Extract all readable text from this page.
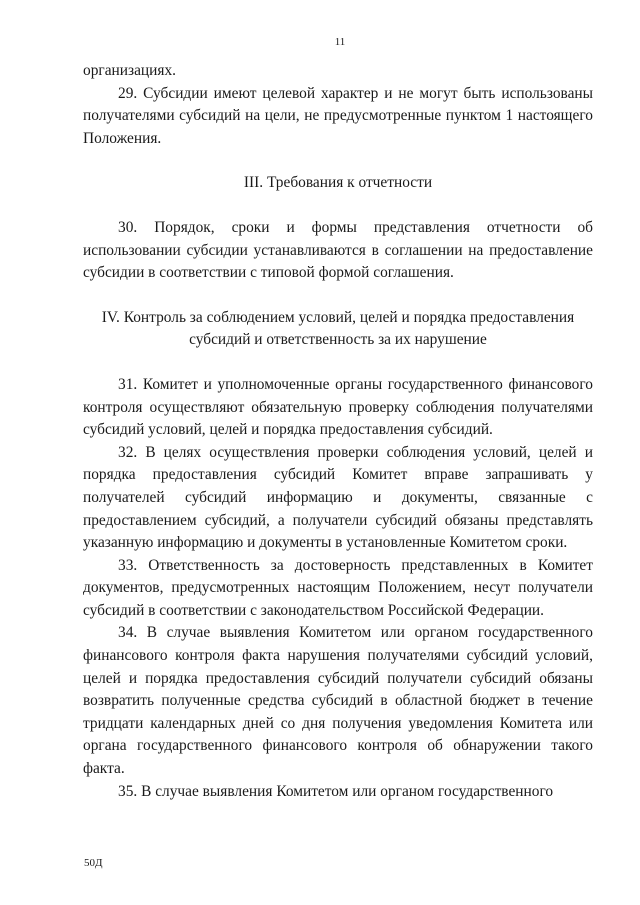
11

организациях.

29. Субсидии имеют целевой характер и не могут быть использованы получателями субсидий на цели, не предусмотренные пунктом 1 настоящего Положения.

III. Требования к отчетности

30. Порядок, сроки и формы представления отчетности об использовании субсидии устанавливаются в соглашении на предоставление субсидии в соответствии с типовой формой соглашения.

IV. Контроль за соблюдением условий, целей и порядка предоставления

субсидий и ответственность за их нарушение

31. Комитет и уполномоченные органы государственного финансового контроля осуществляют обязательную проверку соблюдения получателями субсидий условий, целей и порядка предоставления субсидий.

32. В целях осуществления проверки соблюдения условий, целей и порядка предоставления субсидий Комитет вправе запрашивать у получателей субсидий информацию и документы, связанные с предоставлением субсидий, а получатели субсидий обязаны представлять указанную информацию и документы в установленные Комитетом сроки.

33. Ответственность за достоверность представленных в Комитет документов, предусмотренных настоящим Положением, несут получатели субсидий в соответствии с законодательством Российской Федерации.

34. В случае выявления Комитетом или органом государственного финансового контроля факта нарушения получателями субсидий условий, целей и порядка предоставления субсидий получатели субсидий обязаны возвратить полученные средства субсидий в областной бюджет в течение тридцати календарных дней со дня получения уведомления Комитета или органа государственного финансового контроля об обнаружении такого факта.

35. В случае выявления Комитетом или органом государственного

50Д
